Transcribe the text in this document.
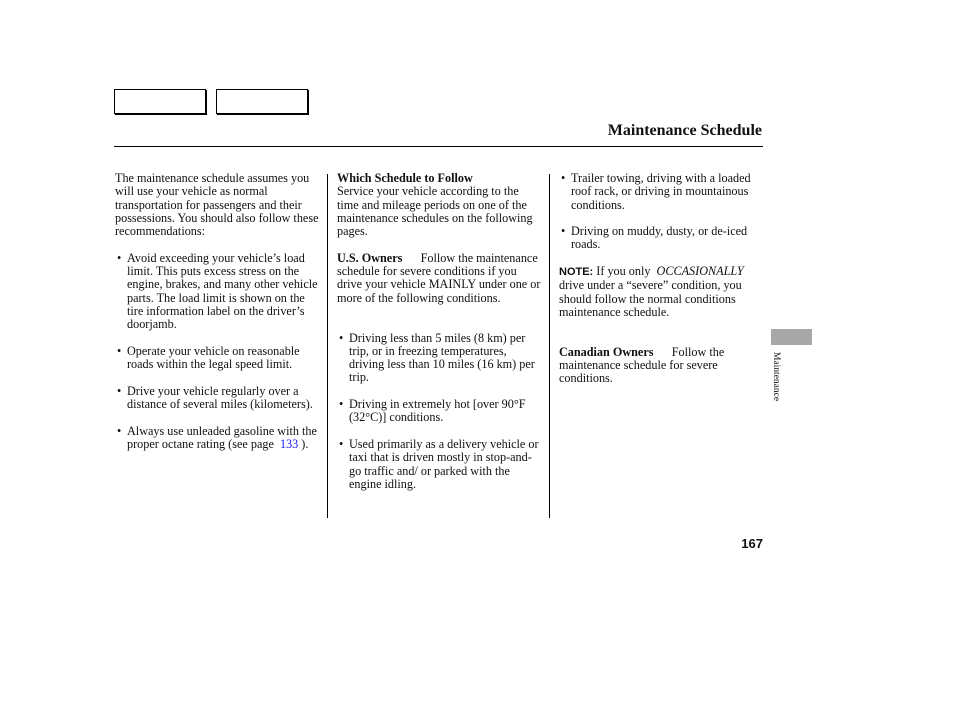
Maintenance Schedule

The maintenance schedule assumes you will use your vehicle as normal transportation for passengers and their possessions. You should also follow these recommendations:

• Avoid exceeding your vehicle’s load limit. This puts excess stress on the engine, brakes, and many other vehicle parts. The load limit is shown on the tire information label on the driver’s doorjamb.

• Operate your vehicle on reasonable roads within the legal speed limit.

• Drive your vehicle regularly over a distance of several miles (kilometers).

• Always use unleaded gasoline with the proper octane rating (see page 133 ).

Which Schedule to Follow

Service your vehicle according to the time and mileage periods on one of the maintenance schedules on the following pages.

U.S. Owners Follow the maintenance schedule for severe conditions if you drive your vehicle MAINLY under one or more of the following conditions.

• Driving less than 5 miles (8 km) per trip, or in freezing temperatures, driving less than 10 miles (16 km) per trip.

• Driving in extremely hot [over 90°F (32°C)] conditions.

• Used primarily as a delivery vehicle or taxi that is driven mostly in stop-and-go traffic and/ or parked with the engine idling.

• Trailer towing, driving with a loaded roof rack, or driving in mountainous conditions.

• Driving on muddy, dusty, or de-iced roads.

NOTE: If you only OCCASIONALLY drive under a “severe” condition, you should follow the normal conditions maintenance schedule.

Canadian Owners Follow the maintenance schedule for severe conditions.	Maintenance
167
